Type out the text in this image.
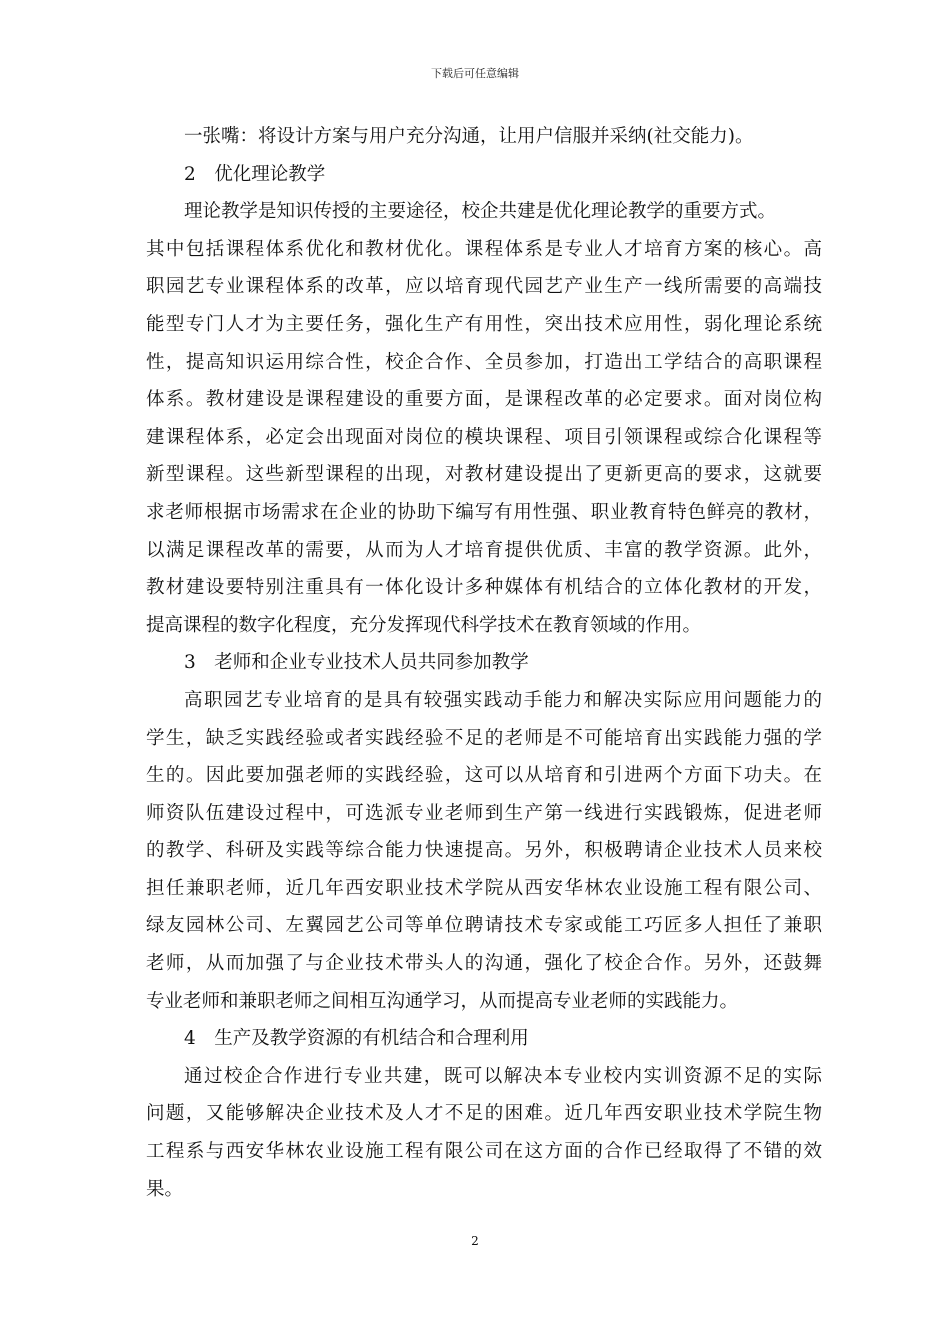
下载后可任意编辑
一张嘴：将设计方案与用户充分沟通，让用户信服并采纳(社交能力)。
2　优化理论教学
理论教学是知识传授的主要途径，校企共建是优化理论教学的重要方式。
其中包括课程体系优化和教材优化。课程体系是专业人才培育方案的核心。高
职园艺专业课程体系的改革，应以培育现代园艺产业生产一线所需要的高端技
能型专门人才为主要任务，强化生产有用性，突出技术应用性，弱化理论系统
性，提高知识运用综合性，校企合作、全员参加，打造出工学结合的高职课程
体系。教材建设是课程建设的重要方面，是课程改革的必定要求。面对岗位构
建课程体系，必定会出现面对岗位的模块课程、项目引领课程或综合化课程等
新型课程。这些新型课程的出现，对教材建设提出了更新更高的要求，这就要
求老师根据市场需求在企业的协助下编写有用性强、职业教育特色鲜亮的教材，
以满足课程改革的需要，从而为人才培育提供优质、丰富的教学资源。此外，
教材建设要特别注重具有一体化设计多种媒体有机结合的立体化教材的开发，
提高课程的数字化程度，充分发挥现代科学技术在教育领域的作用。
3　老师和企业专业技术人员共同参加教学
高职园艺专业培育的是具有较强实践动手能力和解决实际应用问题能力的
学生，缺乏实践经验或者实践经验不足的老师是不可能培育出实践能力强的学
生的。因此要加强老师的实践经验，这可以从培育和引进两个方面下功夫。在
师资队伍建设过程中，可选派专业老师到生产第一线进行实践锻炼，促进老师
的教学、科研及实践等综合能力快速提高。另外，积极聘请企业技术人员来校
担任兼职老师，近几年西安职业技术学院从西安华林农业设施工程有限公司、
绿友园林公司、左翼园艺公司等单位聘请技术专家或能工巧匠多人担任了兼职
老师，从而加强了与企业技术带头人的沟通，强化了校企合作。另外，还鼓舞
专业老师和兼职老师之间相互沟通学习，从而提高专业老师的实践能力。
4　生产及教学资源的有机结合和合理利用
通过校企合作进行专业共建，既可以解决本专业校内实训资源不足的实际
问题，又能够解决企业技术及人才不足的困难。近几年西安职业技术学院生物
工程系与西安华林农业设施工程有限公司在这方面的合作已经取得了不错的效
果。
2
